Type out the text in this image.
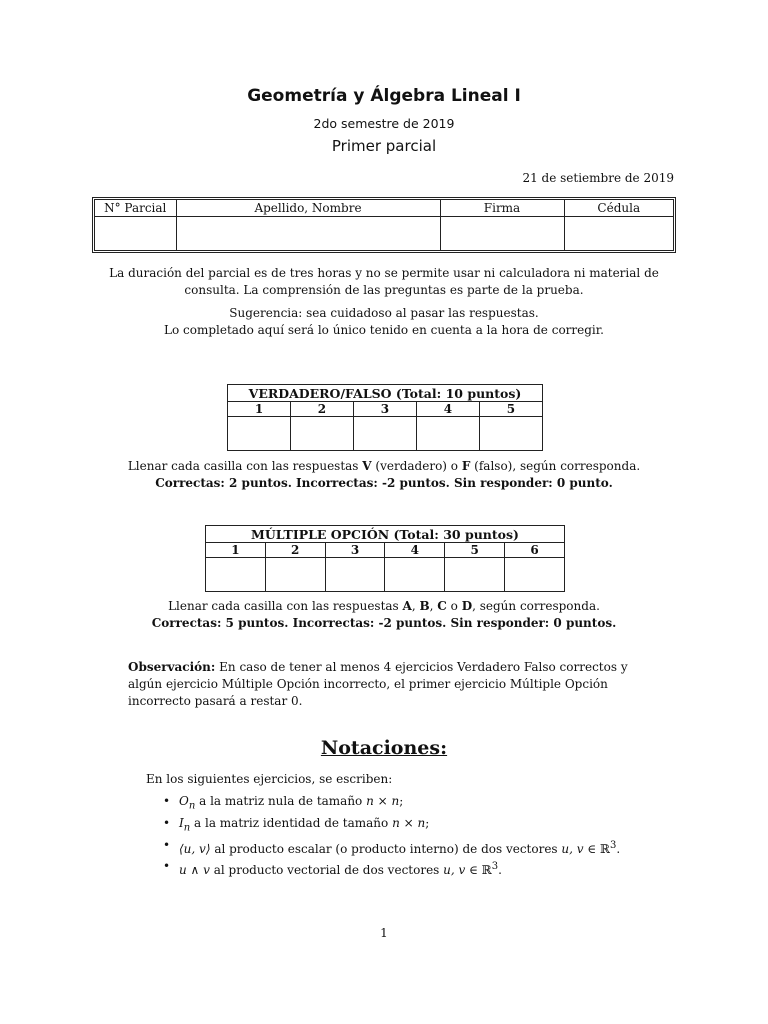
Geometría y Álgebra Lineal I
2do semestre de 2019
Primer parcial
21 de setiembre de 2019
N° Parcial	Apellido, Nombre	Firma	Cédula

La duración del parcial es de tres horas y no se permite usar ni calculadora ni material de consulta. La comprensión de las preguntas es parte de la prueba.
Sugerencia: sea cuidadoso al pasar las respuestas.
Lo completado aquí será lo único tenido en cuenta a la hora de corregir.
VERDADERO/FALSO (Total: 10 puntos)				
1	2	3	4	5

Llenar cada casilla con las respuestas V (verdadero) o F (falso), según corresponda.
Correctas: 2 puntos. Incorrectas: -2 puntos. Sin responder: 0 punto.
MÚLTIPLE OPCIÓN (Total: 30 puntos)					
1	2	3	4	5	6

Llenar cada casilla con las respuestas A, B, C o D, según corresponda.
Correctas: 5 puntos. Incorrectas: -2 puntos. Sin responder: 0 puntos.
Observación: En caso de tener al menos 4 ejercicios Verdadero Falso correctos y algún ejercicio Múltiple Opción incorrecto, el primer ejercicio Múltiple Opción incorrecto pasará a restar 0.
Notaciones:
En los siguientes ejercicios, se escriben:
• $O_n$ a la matriz nula de tamaño n × n;
• $I_n$ a la matriz identidad de tamaño n × n;
• ⟨u, v⟩ al producto escalar (o producto interno) de dos vectores u, v ∈ ℝ$^3$.
• u ∧ v al producto vectorial de dos vectores u, v ∈ ℝ$^3$.
1
